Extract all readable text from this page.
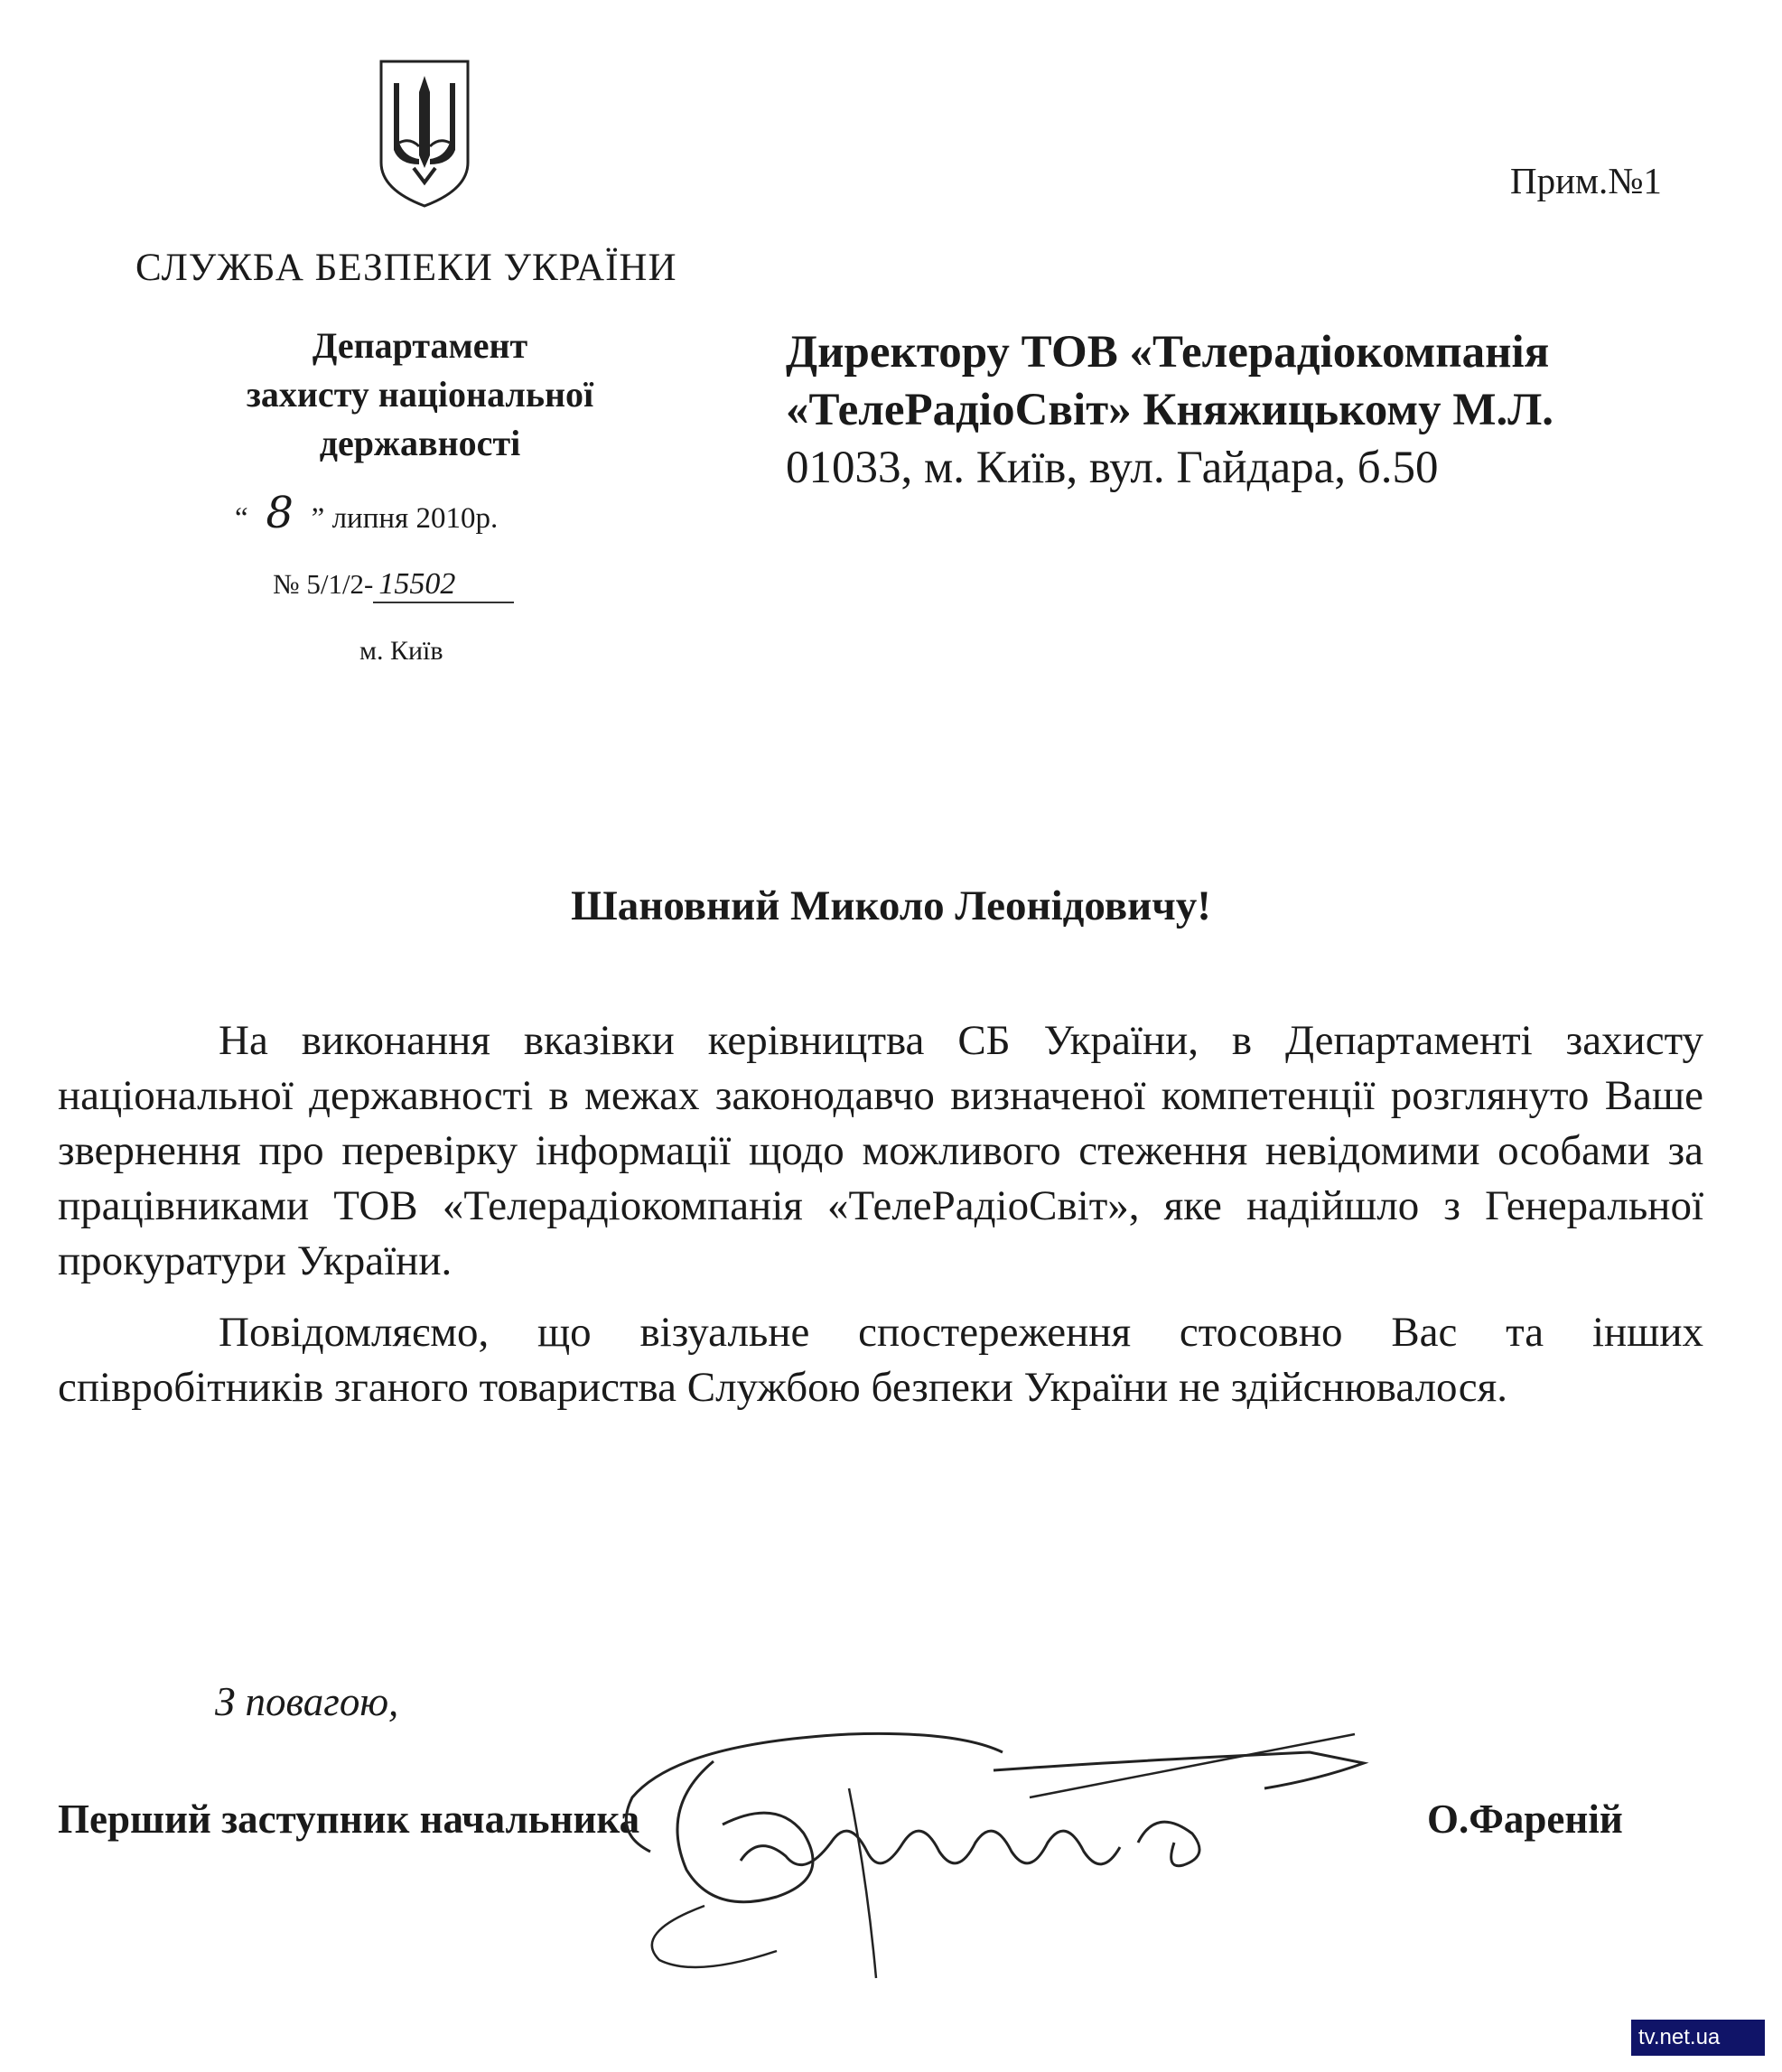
Прим.№1
СЛУЖБА БЕЗПЕКИ УКРАЇНИ
Департамент
захисту національної
державності
“ 8 ” липня 2010р.
№ 5/1/2- 15502
м. Київ
Директору ТОВ «Телерадіокомпанія
«ТелеРадіоСвіт» Княжицькому М.Л.
01033, м. Київ, вул. Гайдара, б.50
Шановний Миколо Леонідовичу!

На виконання вказівки керівництва СБ України, в Департаменті захисту національної державності в межах законодавчо визначеної компетенції розглянуто Ваше звернення про перевірку інформації щодо можливого стеження невідомими особами за працівниками ТОВ «Телерадіокомпанія «ТелеРадіоСвіт», яке надійшло з Генеральної прокуратури України.

Повідомляємо, що візуальне спостереження стосовно Вас та інших співробітників зганого товариства Службою безпеки України не здійснювалося.

З повагою,
Перший заступник начальника	О.Фареній
tv.net.ua
